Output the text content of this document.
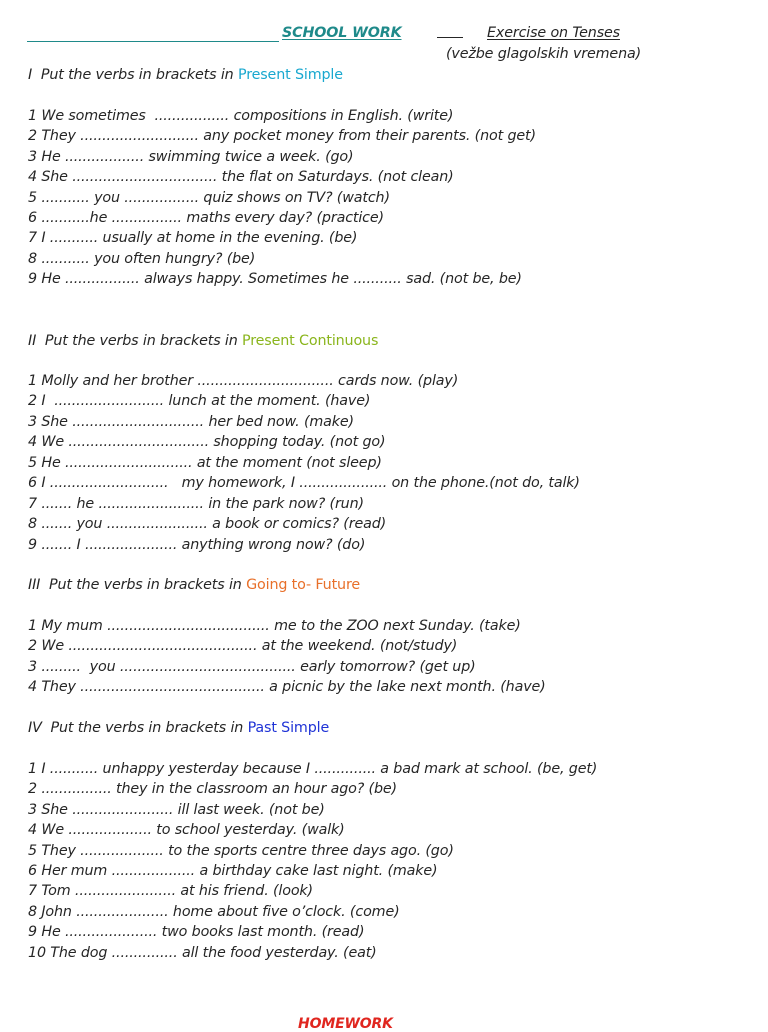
SCHOOL WORK	Exercise on Tenses
(vežbe glagolskih vremena)
I  Put the verbs in brackets in Present Simple
1 We sometimes  ................. compositions in English. (write)
2 They ........................... any pocket money from their parents. (not get)
3 He .................. swimming twice a week. (go)
4 She ................................. the flat on Saturdays. (not clean)
5 ........... you ................. quiz shows on TV? (watch)
6 ...........he ................ maths every day? (practice)
7 I ........... usually at home in the evening. (be)
8 ........... you often hungry? (be)
9 He ................. always happy. Sometimes he ........... sad. (not be, be)
II  Put the verbs in brackets in Present Continuous
1 Molly and her brother ............................... cards now. (play)
2 I  ......................... lunch at the moment. (have)
3 She .............................. her bed now. (make)
4 We ................................ shopping today. (not go)
5 He ............................. at the moment (not sleep)
6 I ...........................   my homework, I .................... on the phone.(not do, talk)
7 ....... he ........................ in the park now? (run)
8 ....... you ....................... a book or comics? (read)
9 ....... I ..................... anything wrong now? (do)
III  Put the verbs in brackets in Going to- Future
1 My mum ..................................... me to the ZOO next Sunday. (take)
2 We ........................................... at the weekend. (not/study)
3 .........  you ........................................ early tomorrow? (get up)
4 They .......................................... a picnic by the lake next month. (have)
IV  Put the verbs in brackets in Past Simple
1 I ........... unhappy yesterday because I .............. a bad mark at school. (be, get)
2 ................ they in the classroom an hour ago? (be)
3 She ....................... ill last week. (not be)
4 We ................... to school yesterday. (walk)
5 They ................... to the sports centre three days ago. (go)
6 Her mum ................... a birthday cake last night. (make)
7 Tom ....................... at his friend. (look)
8 John ..................... home about five o’clock. (come)
9 He ..................... two books last month. (read)
10 The dog ............... all the food yesterday. (eat)
HOMEWORK
